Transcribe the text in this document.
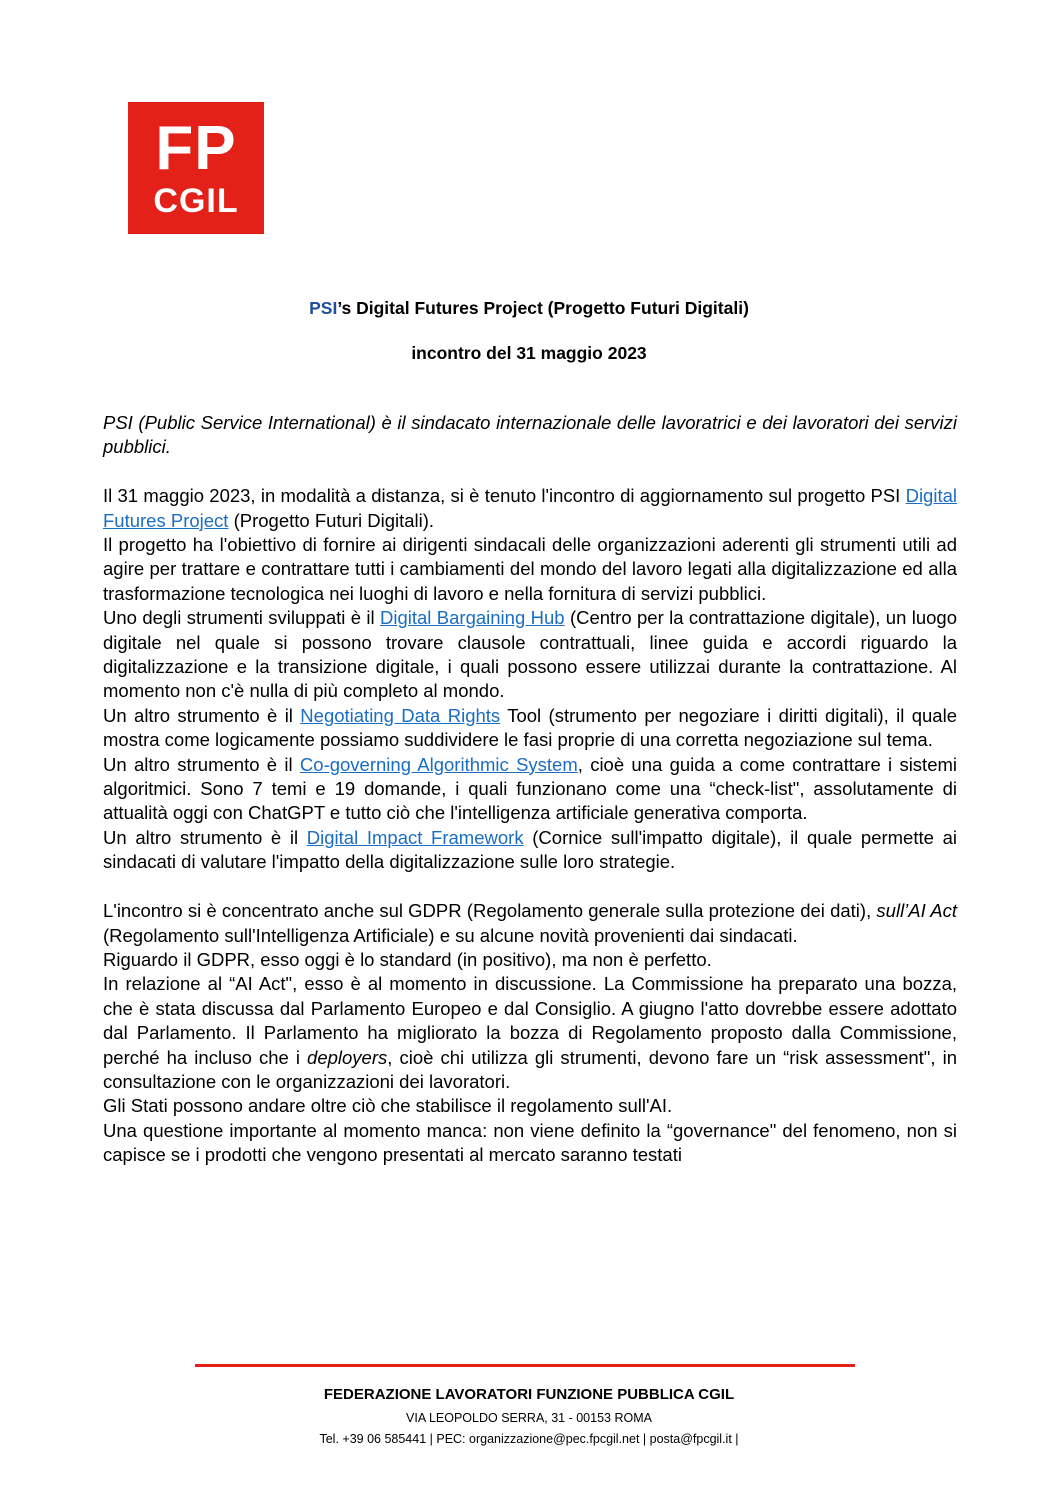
FP
CGIL
PSI’s Digital Futures Project (Progetto Futuri Digitali)
incontro del 31 maggio 2023

PSI (Public Service International) è il sindacato internazionale delle lavoratrici e dei lavoratori dei servizi pubblici.

Il 31 maggio 2023, in modalità a distanza, si è tenuto l'incontro di aggiornamento sul progetto PSI Digital Futures Project (Progetto Futuri Digitali).

Il progetto ha l'obiettivo di fornire ai dirigenti sindacali delle organizzazioni aderenti gli strumenti utili ad agire per trattare e contrattare tutti i cambiamenti del mondo del lavoro legati alla digitalizzazione ed alla trasformazione tecnologica nei luoghi di lavoro e nella fornitura di servizi pubblici.

Uno degli strumenti sviluppati è il Digital Bargaining Hub (Centro per la contrattazione digitale), un luogo digitale nel quale si possono trovare clausole contrattuali, linee guida e accordi riguardo la digitalizzazione e la transizione digitale, i quali possono essere utilizzai durante la contrattazione. Al momento non c'è nulla di più completo al mondo.

Un altro strumento è il Negotiating Data Rights Tool (strumento per negoziare i diritti digitali), il quale mostra come logicamente possiamo suddividere le fasi proprie di una corretta negoziazione sul tema.

Un altro strumento è il Co-governing Algorithmic System, cioè una guida a come contrattare i sistemi algoritmici. Sono 7 temi e 19 domande, i quali funzionano come una “check-list", assolutamente di attualità oggi con ChatGPT e tutto ciò che l'intelligenza artificiale generativa comporta.

Un altro strumento è il Digital Impact Framework (Cornice sull'impatto digitale), il quale permette ai sindacati di valutare l'impatto della digitalizzazione sulle loro strategie.

L'incontro si è concentrato anche sul GDPR (Regolamento generale sulla protezione dei dati), sull’AI Act (Regolamento sull'Intelligenza Artificiale) e su alcune novità provenienti dai sindacati.

Riguardo il GDPR, esso oggi è lo standard (in positivo), ma non è perfetto.

In relazione al “AI Act", esso è al momento in discussione. La Commissione ha preparato una bozza, che è stata discussa dal Parlamento Europeo e dal Consiglio. A giugno l'atto dovrebbe essere adottato dal Parlamento. Il Parlamento ha migliorato la bozza di Regolamento proposto dalla Commissione, perché ha incluso che i deployers, cioè chi utilizza gli strumenti, devono fare un “risk assessment", in consultazione con le organizzazioni dei lavoratori.

Gli Stati possono andare oltre ciò che stabilisce il regolamento sull'AI.

Una questione importante al momento manca: non viene definito la “governance" del fenomeno, non si capisce se i prodotti che vengono presentati al mercato saranno testati

FEDERAZIONE LAVORATORI FUNZIONE PUBBLICA CGIL
VIA LEOPOLDO SERRA, 31 - 00153 ROMA
Tel. +39 06 585441 | PEC: organizzazione@pec.fpcgil.net | posta@fpcgil.it |
